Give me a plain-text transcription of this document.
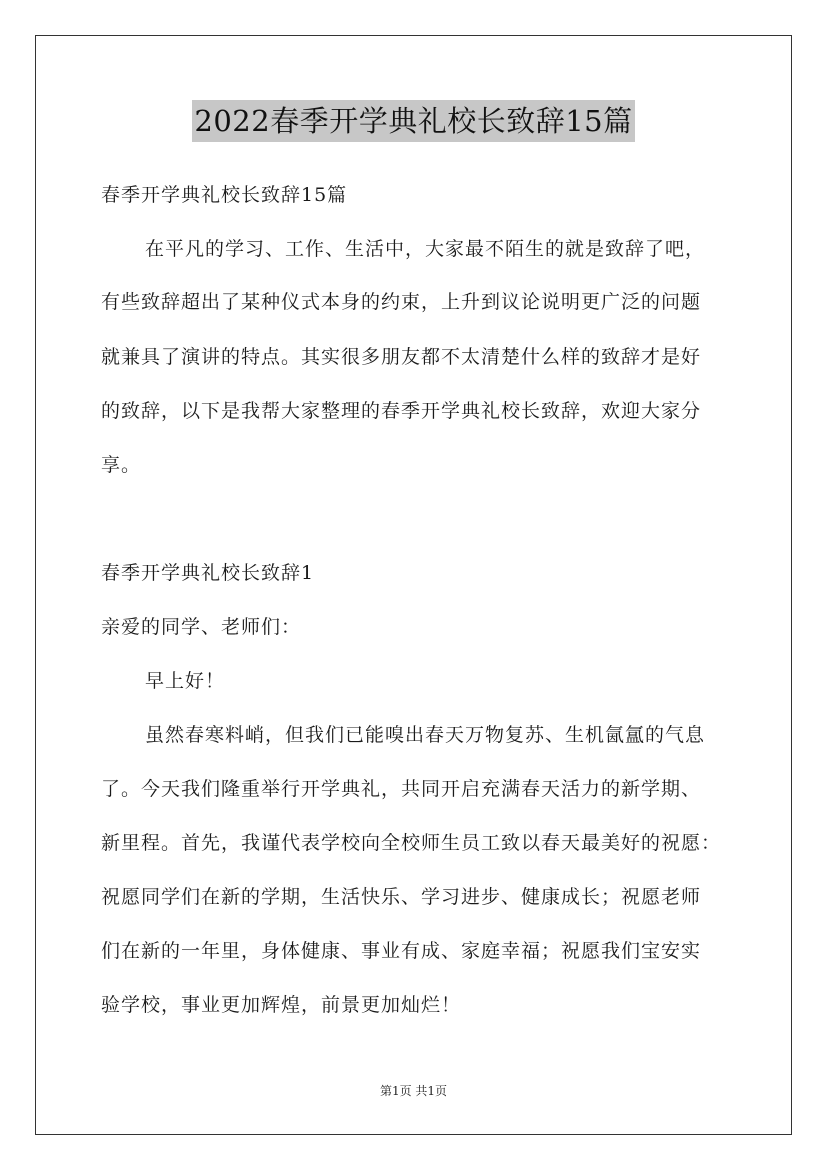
2022春季开学典礼校长致辞15篇
春季开学典礼校长致辞15篇
在平凡的学习、工作、生活中，大家最不陌生的就是致辞了吧，
有些致辞超出了某种仪式本身的约束，上升到议论说明更广泛的问题
就兼具了演讲的特点。其实很多朋友都不太清楚什么样的致辞才是好
的致辞，以下是我帮大家整理的春季开学典礼校长致辞，欢迎大家分
享。
春季开学典礼校长致辞1
亲爱的同学、老师们：
早上好！
虽然春寒料峭，但我们已能嗅出春天万物复苏、生机氤氲的气息
了。今天我们隆重举行开学典礼，共同开启充满春天活力的新学期、
新里程。首先，我谨代表学校向全校师生员工致以春天最美好的祝愿：
祝愿同学们在新的学期，生活快乐、学习进步、健康成长；祝愿老师
们在新的一年里，身体健康、事业有成、家庭幸福；祝愿我们宝安实
验学校，事业更加辉煌，前景更加灿烂！
第1页 共1页
